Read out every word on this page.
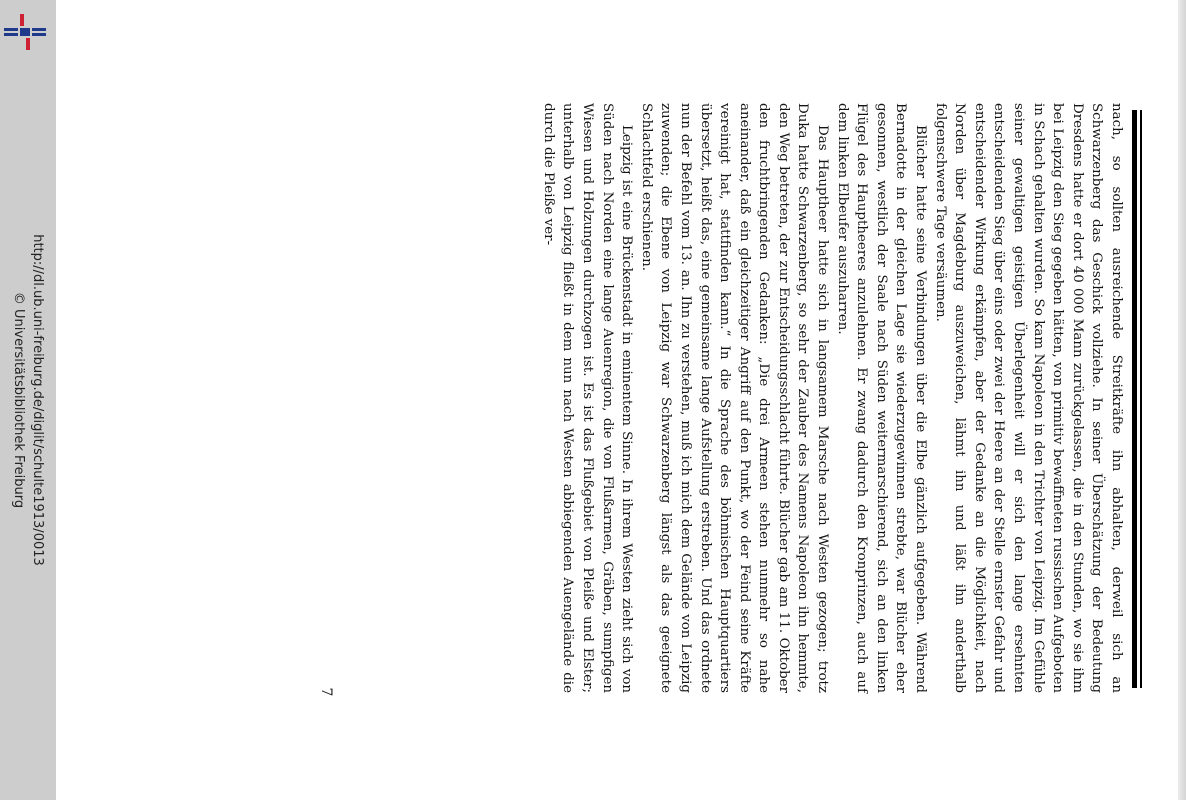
http://dl.ub.uni-freiburg.de/diglit/schulte1913/0013
© Universitätsbibliothek Freiburg	nach, so sollten ausreichende Streitkräfte ihn abhalten, derweil sich an Schwarzenberg das Geschick vollziehe. In seiner Überschätzung der Bedeutung Dresdens hatte er dort 40 000 Mann zurückgelassen, die in den Stunden, wo sie ihm bei Leipzig den Sieg gegeben hätten, von primitiv bewaffneten russischen Aufgeboten in Schach gehalten wurden. So kam Napoleon in den Trichter von Leipzig. Im Gefühle seiner gewaltigen geistigen Überlegenheit will er sich den lange ersehnten entscheidenden Sieg über eins oder zwei der Heere an der Stelle ernster Gefahr und entscheidender Wirkung erkämpfen, aber der Gedanke an die Möglichkeit, nach Norden über Magdeburg auszuweichen, lähmt ihn und läßt ihn anderthalb folgenschwere Tage versäumen.

Blücher hatte seine Verbindungen über die Elbe gänzlich aufgegeben. Während Bernadotte in der gleichen Lage sie wiederzugewinnen strebte, war Blücher eher gesonnen, westlich der Saale nach Süden weitermarschierend, sich an den linken Flügel des Hauptheeres anzulehnen. Er zwang dadurch den Kronprinzen, auch auf dem linken Elbeufer auszuharren.

Das Hauptheer hatte sich in langsamem Marsche nach Westen gezogen; trotz Duka hatte Schwarzenberg, so sehr der Zauber des Namens Napoleon ihn hemmte, den Weg betreten, der zur Entscheidungsschlacht führte. Blücher gab am 11. Oktober den fruchtbringenden Gedanken: „Die drei Armeen stehen nunmehr so nahe aneinander, daß ein gleichzeitiger Angriff auf den Punkt, wo der Feind seine Kräfte vereinigt hat, stattfinden kann.“ In die Sprache des böhmischen Hauptquartiers übersetzt, heißt das, eine gemeinsame lange Aufstellung erstreben. Und das ordnete nun der Befehl vom 13. an. Ihn zu verstehen, muß ich mich dem Gelände von Leipzig zuwenden; die Ebene von Leipzig war Schwarzenberg längst als das geeignete Schlachtfeld erschienen.

Leipzig ist eine Brückenstadt in eminentem Sinne. In ihrem Westen zieht sich von Süden nach Norden eine lange Auenregion, die von Flußarmen, Gräben, sumpfigen Wiesen und Holzungen durchzogen ist. Es ist das Flußgebiet von Pleiße und Elster; unterhalb von Leipzig fließt in dem nun nach Westen abbiegenden Auengelände die durch die Pleiße ver-

7
